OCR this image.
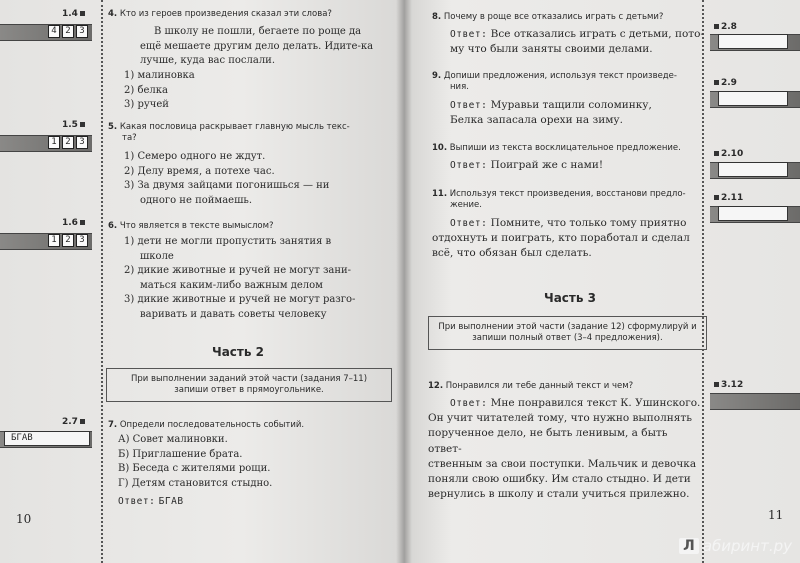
1.4
4 2 3
1.5
1 2 3
1.6
1 2 3
2.7
БГАВ
4. Кто из героев произведения сказал эти слова?
В школу не пошли, бегаете по роще да
ещё мешаете другим дело делать. Идите-ка
лучше, куда вас послали.
1) малиновка
2) белка
3) ручей
5. Какая пословица раскрывает главную мысль текс-
та?
1) Семеро одного не ждут.
2) Делу время, а потехе час.
3) За двумя зайцами погонишься — ни
одного не поймаешь.
6. Что является в тексте вымыслом?
1) дети не могли пропустить занятия в
школе
2) дикие животные и ручей не могут зани-
маться каким-либо важным делом
3) дикие животные и ручей не могут разго-
варивать и давать советы человеку
Часть 2
При выполнении заданий этой части (задания 7–11) запиши ответ в прямоугольнике.
7. Определи последовательность событий.
А) Совет малиновки.
Б) Приглашение брата.
В) Беседа с жителями рощи.
Г) Детям становится стыдно.
Ответ: БГАВ
10
8. Почему в роще все отказались играть с детьми?
Ответ: Все отказались играть с детьми, пото-
му что были заняты своими делами.
9. Допиши предложения, используя текст произведе-
ния.
Ответ: Муравьи тащили соломинку,
Белка запасала орехи на зиму.
10. Выпиши из текста восклицательное предложение.
Ответ: Поиграй же с нами!
11. Используя текст произведения, восстанови предло-
жение.
Ответ: Помните, что только тому приятно
отдохнуть и поиграть, кто поработал и сделал
всё, что обязан был сделать.
Часть 3
При выполнении этой части (задание 12) сформулируй и запиши полный ответ (3–4 предложения).
12. Понравился ли тебе данный текст и чем?
Ответ: Мне понравился текст К. Ушинского.
Он учит читателей тому, что нужно выполнять
порученное дело, не быть ленивым, а быть ответ-
ственным за свои поступки. Мальчик и девочка
поняли свою ошибку. Им стало стыдно. И дети
вернулись в школу и стали учиться прилежно.
2.8
2.9
2.10
2.11
3.12
11
Л абиринт.ру
